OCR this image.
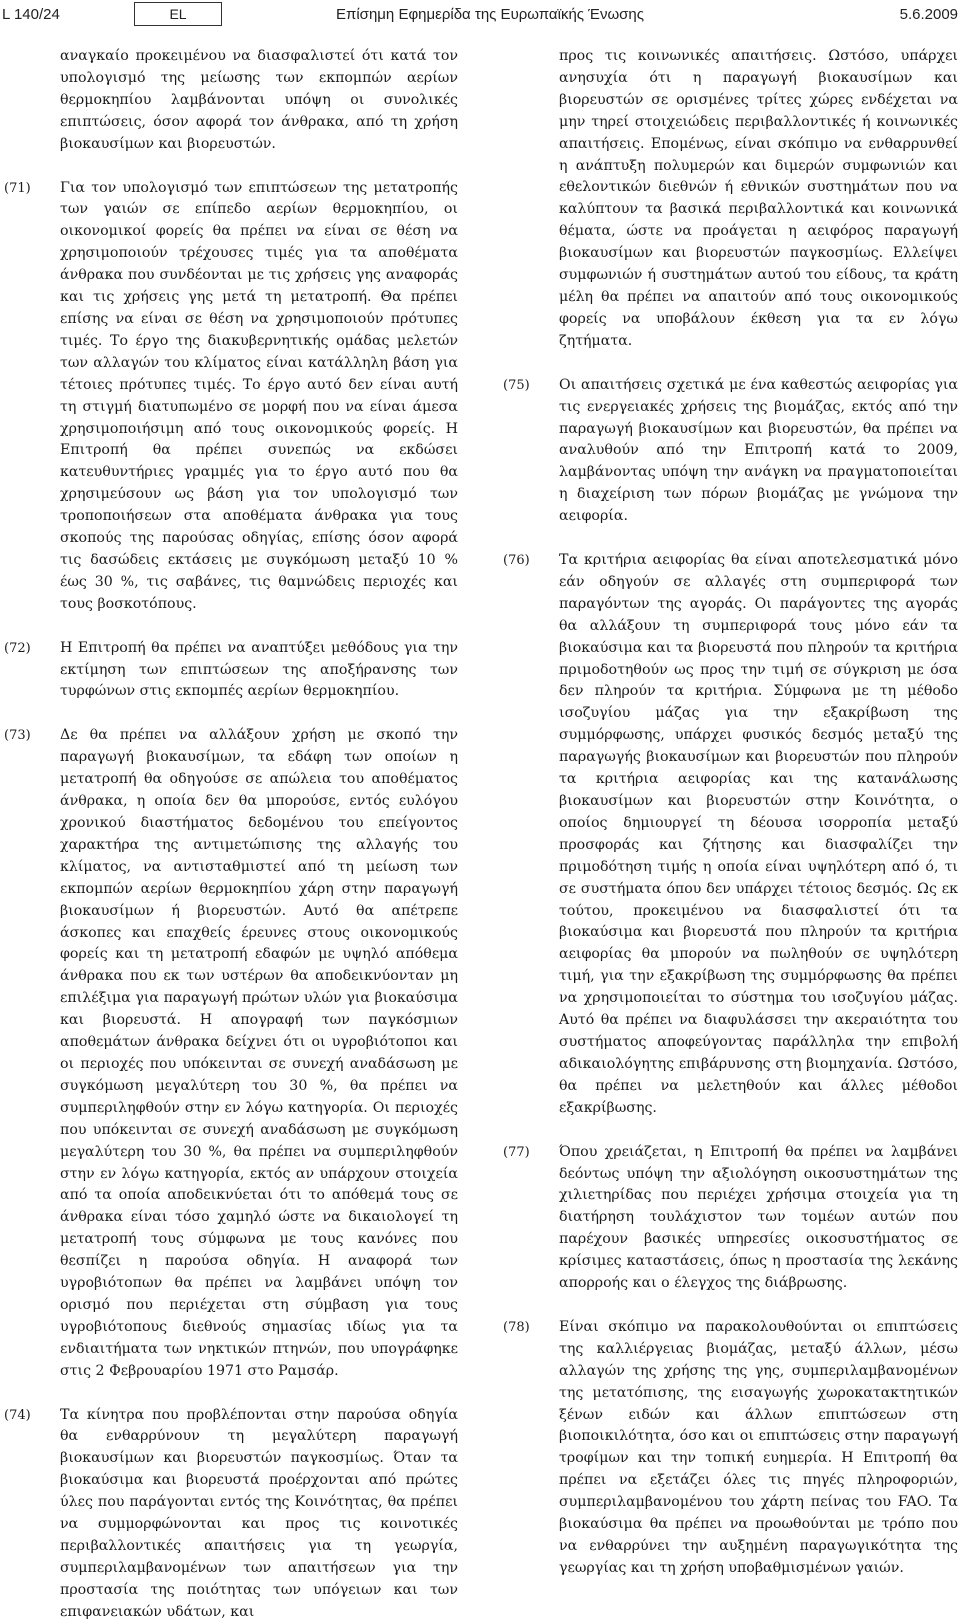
L 140/24	EL	Επίσημη Εφημερίδα της Ευρωπαϊκής Ένωσης	5.6.2009

αναγκαίο προκειμένου να διασφαλιστεί ότι κατά τον υπολογισμό της μείωσης των εκπομπών αερίων θερμοκηπίου λαμβάνονται υπόψη οι συνολικές επιπτώσεις, όσον αφορά τον άνθρακα, από τη χρήση βιοκαυσίμων και βιορευστών.

(71) Για τον υπολογισμό των επιπτώσεων της μετατροπής των γαιών σε επίπεδο αερίων θερμοκηπίου, οι οικονομικοί φορείς θα πρέπει να είναι σε θέση να χρησιμοποιούν τρέχουσες τιμές για τα αποθέματα άνθρακα που συνδέονται με τις χρήσεις γης αναφοράς και τις χρήσεις γης μετά τη μετατροπή. Θα πρέπει επίσης να είναι σε θέση να χρησιμοποιούν πρότυπες τιμές. Το έργο της διακυβερνητικής ομάδας μελετών των αλλαγών του κλίματος είναι κατάλληλη βάση για τέτοιες πρότυπες τιμές. Το έργο αυτό δεν είναι αυτή τη στιγμή διατυπωμένο σε μορφή που να είναι άμεσα χρησιμοποιήσιμη από τους οικονομικούς φορείς. Η Επιτροπή θα πρέπει συνεπώς να εκδώσει κατευθυντήριες γραμμές για το έργο αυτό που θα χρησιμεύσουν ως βάση για τον υπολογισμό των τροποποιήσεων στα αποθέματα άνθρακα για τους σκοπούς της παρούσας οδηγίας, επίσης όσον αφορά τις δασώδεις εκτάσεις με συγκόμωση μεταξύ 10 % έως 30 %, τις σαβάνες, τις θαμνώδεις περιοχές και τους βοσκοτόπους.

(72) Η Επιτροπή θα πρέπει να αναπτύξει μεθόδους για την εκτίμηση των επιπτώσεων της αποξήρανσης των τυρφώνων στις εκπομπές αερίων θερμοκηπίου.

(73) Δε θα πρέπει να αλλάξουν χρήση με σκοπό την παραγωγή βιοκαυσίμων, τα εδάφη των οποίων η μετατροπή θα οδηγούσε σε απώλεια του αποθέματος άνθρακα, η οποία δεν θα μπορούσε, εντός ευλόγου χρονικού διαστήματος δεδομένου του επείγοντος χαρακτήρα της αντιμετώπισης της αλλαγής του κλίματος, να αντισταθμιστεί από τη μείωση των εκπομπών αερίων θερμοκηπίου χάρη στην παραγωγή βιοκαυσίμων ή βιορευστών. Αυτό θα απέτρεπε άσκοπες και επαχθείς έρευνες στους οικονομικούς φορείς και τη μετατροπή εδαφών με υψηλό απόθεμα άνθρακα που εκ των υστέρων θα αποδεικνύονταν μη επιλέξιμα για παραγωγή πρώτων υλών για βιοκαύσιμα και βιορευστά. Η απογραφή των παγκόσμιων αποθεμάτων άνθρακα δείχνει ότι οι υγροβιότοποι και οι περιοχές που υπόκεινται σε συνεχή αναδάσωση με συγκόμωση μεγαλύτερη του 30 %, θα πρέπει να συμπεριληφθούν στην εν λόγω κατηγορία. Οι περιοχές που υπόκεινται σε συνεχή αναδάσωση με συγκόμωση μεγαλύτερη του 30 %, θα πρέπει να συμπεριληφθούν στην εν λόγω κατηγορία, εκτός αν υπάρχουν στοιχεία από τα οποία αποδεικνύεται ότι το απόθεμά τους σε άνθρακα είναι τόσο χαμηλό ώστε να δικαιολογεί τη μετατροπή τους σύμφωνα με τους κανόνες που θεσπίζει η παρούσα οδηγία. Η αναφορά των υγροβιότοπων θα πρέπει να λαμβάνει υπόψη τον ορισμό που περιέχεται στη σύμβαση για τους υγροβιότοπους διεθνούς σημασίας ιδίως για τα ενδιαιτήματα των νηκτικών πτηνών, που υπογράφηκε στις 2 Φεβρουαρίου 1971 στο Ραμσάρ.

(74) Τα κίνητρα που προβλέπονται στην παρούσα οδηγία θα ενθαρρύνουν τη μεγαλύτερη παραγωγή βιοκαυσίμων και βιορευστών παγκοσμίως. Όταν τα βιοκαύσιμα και βιορευστά προέρχονται από πρώτες ύλες που παράγονται εντός της Κοινότητας, θα πρέπει να συμμορφώνονται και προς τις κοινοτικές περιβαλλοντικές απαιτήσεις για τη γεωργία, συμπεριλαμβανομένων των απαιτήσεων για την προστασία της ποιότητας των υπόγειων και των επιφανειακών υδάτων, και

προς τις κοινωνικές απαιτήσεις. Ωστόσο, υπάρχει ανησυχία ότι η παραγωγή βιοκαυσίμων και βιορευστών σε ορισμένες τρίτες χώρες ενδέχεται να μην τηρεί στοιχειώδεις περιβαλλοντικές ή κοινωνικές απαιτήσεις. Επομένως, είναι σκόπιμο να ενθαρρυνθεί η ανάπτυξη πολυμερών και διμερών συμφωνιών και εθελοντικών διεθνών ή εθνικών συστημάτων που να καλύπτουν τα βασικά περιβαλλοντικά και κοινωνικά θέματα, ώστε να προάγεται η αειφόρος παραγωγή βιοκαυσίμων και βιορευστών παγκοσμίως. Ελλείψει συμφωνιών ή συστημάτων αυτού του είδους, τα κράτη μέλη θα πρέπει να απαιτούν από τους οικονομικούς φορείς να υποβάλουν έκθεση για τα εν λόγω ζητήματα.

(75) Οι απαιτήσεις σχετικά με ένα καθεστώς αειφορίας για τις ενεργειακές χρήσεις της βιομάζας, εκτός από την παραγωγή βιοκαυσίμων και βιορευστών, θα πρέπει να αναλυθούν από την Επιτροπή κατά το 2009, λαμβάνοντας υπόψη την ανάγκη να πραγματοποιείται η διαχείριση των πόρων βιομάζας με γνώμονα την αειφορία.

(76) Τα κριτήρια αειφορίας θα είναι αποτελεσματικά μόνο εάν οδηγούν σε αλλαγές στη συμπεριφορά των παραγόντων της αγοράς. Οι παράγοντες της αγοράς θα αλλάξουν τη συμπεριφορά τους μόνο εάν τα βιοκαύσιμα και τα βιορευστά που πληρούν τα κριτήρια πριμοδοτηθούν ως προς την τιμή σε σύγκριση με όσα δεν πληρούν τα κριτήρια. Σύμφωνα με τη μέθοδο ισοζυγίου μάζας για την εξακρίβωση της συμμόρφωσης, υπάρχει φυσικός δεσμός μεταξύ της παραγωγής βιοκαυσίμων και βιορευστών που πληρούν τα κριτήρια αειφορίας και της κατανάλωσης βιοκαυσίμων και βιορευστών στην Κοινότητα, ο οποίος δημιουργεί τη δέουσα ισορροπία μεταξύ προσφοράς και ζήτησης και διασφαλίζει την πριμοδότηση τιμής η οποία είναι υψηλότερη από ό, τι σε συστήματα όπου δεν υπάρχει τέτοιος δεσμός. Ως εκ τούτου, προκειμένου να διασφαλιστεί ότι τα βιοκαύσιμα και βιορευστά που πληρούν τα κριτήρια αειφορίας θα μπορούν να πωληθούν σε υψηλότερη τιμή, για την εξακρίβωση της συμμόρφωσης θα πρέπει να χρησιμοποιείται το σύστημα του ισοζυγίου μάζας. Αυτό θα πρέπει να διαφυλάσσει την ακεραιότητα του συστήματος αποφεύγοντας παράλληλα την επιβολή αδικαιολόγητης επιβάρυνσης στη βιομηχανία. Ωστόσο, θα πρέπει να μελετηθούν και άλλες μέθοδοι εξακρίβωσης.

(77) Όπου χρειάζεται, η Επιτροπή θα πρέπει να λαμβάνει δεόντως υπόψη την αξιολόγηση οικοσυστημάτων της χιλιετηρίδας που περιέχει χρήσιμα στοιχεία για τη διατήρηση τουλάχιστον των τομέων αυτών που παρέχουν βασικές υπηρεσίες οικοσυστήματος σε κρίσιμες καταστάσεις, όπως η προστασία της λεκάνης απορροής και ο έλεγχος της διάβρωσης.

(78) Είναι σκόπιμο να παρακολουθούνται οι επιπτώσεις της καλλιέργειας βιομάζας, μεταξύ άλλων, μέσω αλλαγών της χρήσης της γης, συμπεριλαμβανομένων της μετατόπισης, της εισαγωγής χωροκατακτητικών ξένων ειδών και άλλων επιπτώσεων στη βιοποικιλότητα, όσο και οι επιπτώσεις στην παραγωγή τροφίμων και την τοπική ευημερία. Η Επιτροπή θα πρέπει να εξετάζει όλες τις πηγές πληροφοριών, συμπεριλαμβανομένου του χάρτη πείνας του FAO. Τα βιοκαύσιμα θα πρέπει να προωθούνται με τρόπο που να ενθαρρύνει την αυξημένη παραγωγικότητα της γεωργίας και τη χρήση υποβαθμισμένων γαιών.
